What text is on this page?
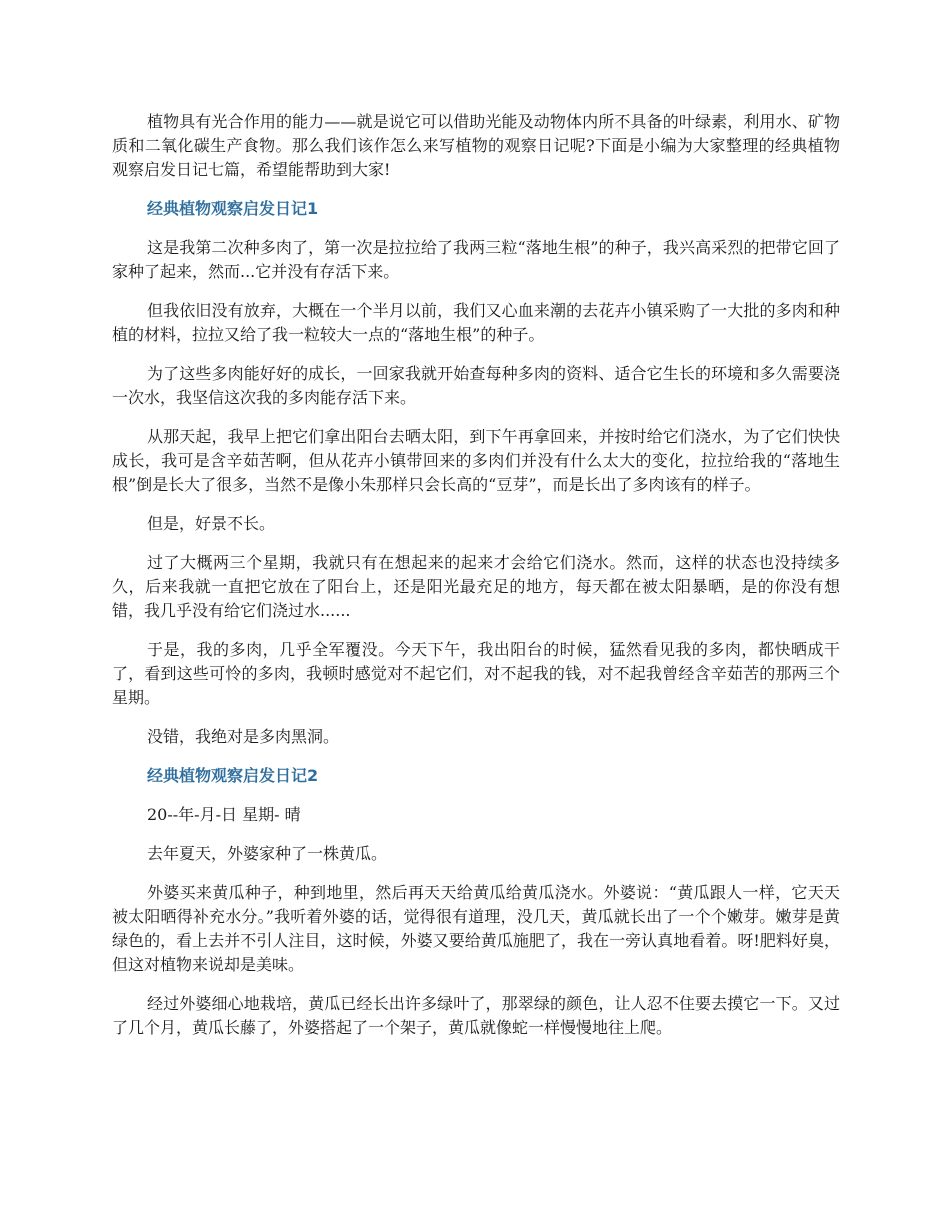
植物具有光合作用的能力——就是说它可以借助光能及动物体内所不具备的叶绿素，利用水、矿物质和二氧化碳生产食物。那么我们该作怎么来写植物的观察日记呢?下面是小编为大家整理的经典植物观察启发日记七篇，希望能帮助到大家!

经典植物观察启发日记1

这是我第二次种多肉了，第一次是拉拉给了我两三粒“落地生根”的种子，我兴高采烈的把带它回了家种了起来，然而...它并没有存活下来。

但我依旧没有放弃，大概在一个半月以前，我们又心血来潮的去花卉小镇采购了一大批的多肉和种植的材料，拉拉又给了我一粒较大一点的“落地生根”的种子。

为了这些多肉能好好的成长，一回家我就开始查每种多肉的资料、适合它生长的环境和多久需要浇一次水，我坚信这次我的多肉能存活下来。

从那天起，我早上把它们拿出阳台去晒太阳，到下午再拿回来，并按时给它们浇水，为了它们快快成长，我可是含辛茹苦啊，但从花卉小镇带回来的多肉们并没有什么太大的变化，拉拉给我的“落地生根”倒是长大了很多，当然不是像小朱那样只会长高的“豆芽”，而是长出了多肉该有的样子。

但是，好景不长。

过了大概两三个星期，我就只有在想起来的起来才会给它们浇水。然而，这样的状态也没持续多久，后来我就一直把它放在了阳台上，还是阳光最充足的地方，每天都在被太阳暴晒，是的你没有想错，我几乎没有给它们浇过水......

于是，我的多肉，几乎全军覆没。今天下午，我出阳台的时候，猛然看见我的多肉，都快晒成干了，看到这些可怜的多肉，我顿时感觉对不起它们，对不起我的钱，对不起我曾经含辛茹苦的那两三个星期。

没错，我绝对是多肉黑洞。

经典植物观察启发日记2

20--年-月-日 星期- 晴

去年夏天，外婆家种了一株黄瓜。

外婆买来黄瓜种子，种到地里，然后再天天给黄瓜给黄瓜浇水。外婆说：“黄瓜跟人一样，它天天被太阳晒得补充水分。”我听着外婆的话，觉得很有道理，没几天，黄瓜就长出了一个个嫩芽。嫩芽是黄绿色的，看上去并不引人注目，这时候，外婆又要给黄瓜施肥了，我在一旁认真地看着。呀!肥料好臭，但这对植物来说却是美味。

经过外婆细心地栽培，黄瓜已经长出许多绿叶了，那翠绿的颜色，让人忍不住要去摸它一下。又过了几个月，黄瓜长藤了，外婆搭起了一个架子，黄瓜就像蛇一样慢慢地往上爬。
